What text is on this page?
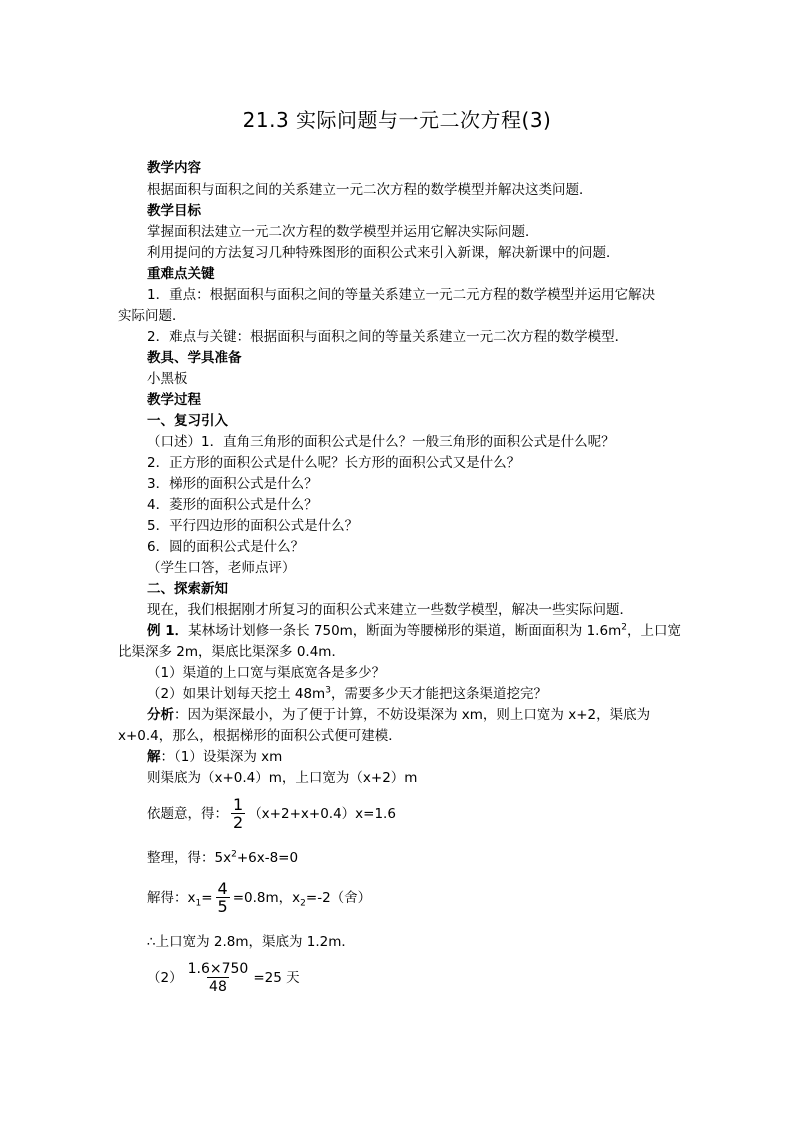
21.3 实际问题与一元二次方程(3)
教学内容
根据面积与面积之间的关系建立一元二次方程的数学模型并解决这类问题．
教学目标
掌握面积法建立一元二次方程的数学模型并运用它解决实际问题．
利用提问的方法复习几种特殊图形的面积公式来引入新课，解决新课中的问题．
重难点关键
1．重点：根据面积与面积之间的等量关系建立一元二元方程的数学模型并运用它解决
实际问题．
2．难点与关键：根据面积与面积之间的等量关系建立一元二次方程的数学模型．
教具、学具准备
小黑板
教学过程
一、复习引入
（口述）1．直角三角形的面积公式是什么？一般三角形的面积公式是什么呢？
2．正方形的面积公式是什么呢？长方形的面积公式又是什么？
3．梯形的面积公式是什么？
4．菱形的面积公式是什么？
5．平行四边形的面积公式是什么？
6．圆的面积公式是什么？
（学生口答，老师点评）
二、探索新知
现在，我们根据刚才所复习的面积公式来建立一些数学模型，解决一些实际问题．
例 1．某林场计划修一条长 750m，断面为等腰梯形的渠道，断面面积为 $1.6m^2$，上口宽
比渠深多 2m，渠底比渠深多 0.4m．
（1）渠道的上口宽与渠底宽各是多少？
（2）如果计划每天挖土 $48m^3$，需要多少天才能把这条渠道挖完？
分析：因为渠深最小，为了便于计算，不妨设渠深为 xm，则上口宽为 x+2，渠底为
x+0.4，那么，根据梯形的面积公式便可建模．
解：（1）设渠深为 xm
则渠底为（x+0.4）m，上口宽为（x+2）m
依题意，得： $\frac{1}{2} (x+2+x+0.4)x=1.6$
整理，得：$5x^2+6x-8=0$
解得：$x_1= \frac{4}{5} =0.8m$，$x_2=-2$（舍）
∴上口宽为 2.8m，渠底为 1.2m．
$(2) \frac{1.6\times 750}{48} =25$ 天
